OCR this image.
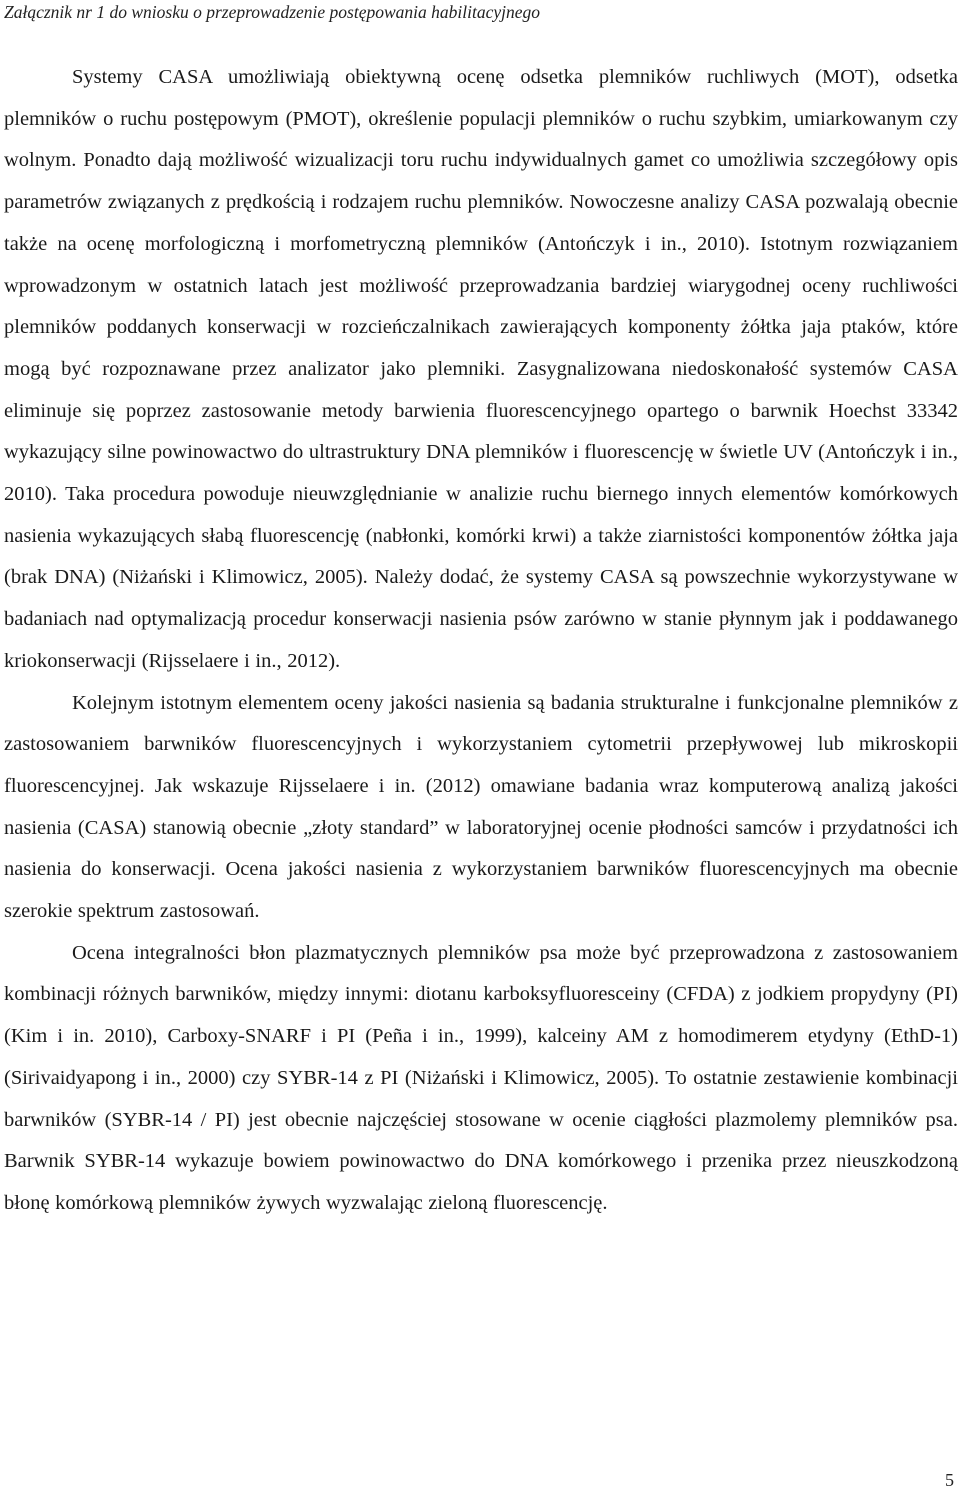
Załącznik nr 1 do wniosku o przeprowadzenie postępowania habilitacyjnego

Systemy CASA umożliwiają obiektywną ocenę odsetka plemników ruchliwych (MOT), odsetka plemników o ruchu postępowym (PMOT), określenie populacji plemników o ruchu szybkim, umiarkowanym czy wolnym. Ponadto dają możliwość wizualizacji toru ruchu indywidualnych gamet co umożliwia szczegółowy opis parametrów związanych z prędkością i rodzajem ruchu plemników. Nowoczesne analizy CASA pozwalają obecnie także na ocenę morfologiczną i morfometryczną plemników (Antończyk i in., 2010). Istotnym rozwiązaniem wprowadzonym w ostatnich latach jest możliwość przeprowadzania bardziej wiarygodnej oceny ruchliwości plemników poddanych konserwacji w rozcieńczalnikach zawierających komponenty żółtka jaja ptaków, które mogą być rozpoznawane przez analizator jako plemniki. Zasygnalizowana niedoskonałość systemów CASA eliminuje się poprzez zastosowanie metody barwienia fluorescencyjnego opartego o barwnik Hoechst 33342 wykazujący silne powinowactwo do ultrastruktury DNA plemników i fluorescencję w świetle UV (Antończyk i in., 2010). Taka procedura powoduje nieuwzględnianie w analizie ruchu biernego innych elementów komórkowych nasienia wykazujących słabą fluorescencję (nabłonki, komórki krwi) a także ziarnistości komponentów żółtka jaja (brak DNA) (Niżański i Klimowicz, 2005). Należy dodać, że systemy CASA są powszechnie wykorzystywane w badaniach nad optymalizacją procedur konserwacji nasienia psów zarówno w stanie płynnym jak i poddawanego kriokonserwacji (Rijsselaere i in., 2012).

Kolejnym istotnym elementem oceny jakości nasienia są badania strukturalne i funkcjonalne plemników z zastosowaniem barwników fluorescencyjnych i wykorzystaniem cytometrii przepływowej lub mikroskopii fluorescencyjnej. Jak wskazuje Rijsselaere i in. (2012) omawiane badania wraz komputerową analizą jakości nasienia (CASA) stanowią obecnie „złoty standard” w laboratoryjnej ocenie płodności samców i przydatności ich nasienia do konserwacji. Ocena jakości nasienia z wykorzystaniem barwników fluorescencyjnych ma obecnie szerokie spektrum zastosowań.

Ocena integralności błon plazmatycznych plemników psa może być przeprowadzona z zastosowaniem kombinacji różnych barwników, między innymi: diotanu karboksyfluoresceiny (CFDA) z jodkiem propydyny (PI) (Kim i in. 2010), Carboxy-SNARF i PI (Peña i in., 1999), kalceiny AM z homodimerem etydyny (EthD-1) (Sirivaidyapong i in., 2000) czy SYBR-14 z PI (Niżański i Klimowicz, 2005). To ostatnie zestawienie kombinacji barwników (SYBR-14 / PI) jest obecnie najczęściej stosowane w ocenie ciągłości plazmolemy plemników psa. Barwnik SYBR-14 wykazuje bowiem powinowactwo do DNA komórkowego i przenika przez nieuszkodzoną błonę komórkową plemników żywych wyzwalając zieloną fluorescencję.

5
